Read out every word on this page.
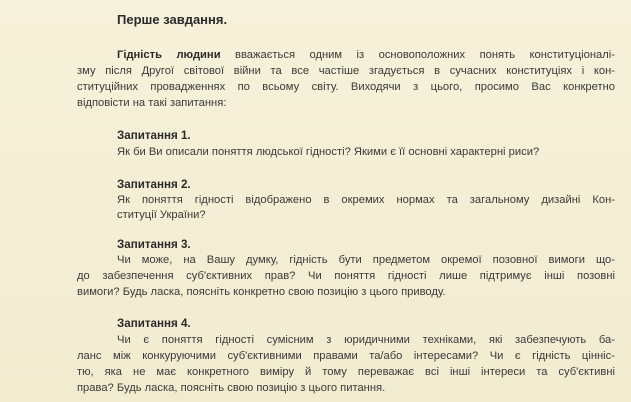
Перше завдання.

Гідність людини вважається одним із основоположних понять конституціоналі-

зму після Другої світової війни та все частіше згадується в сучасних конституціях і кон-

ституційних провадженнях по всьому світу. Виходячи з цього, просимо Вас конкретно

відповісти на такі запитання:

Запитання 1.

Як би Ви описали поняття людської гідності? Якими є її основні характерні риси?

Запитання 2.

Як поняття гідності відображено в окремих нормах та загальному дизайні Кон-

ституції України?

Запитання 3.

Чи може, на Вашу думку, гідність бути предметом окремої позовної вимоги що-

до забезпечення суб'єктивних прав? Чи поняття гідності лише підтримує інші позовні

вимоги? Будь ласка, поясніть конкретно свою позицію з цього приводу.

Запитання 4.

Чи є поняття гідності сумісним з юридичними техніками, які забезпечують ба-

ланс між конкуруючими суб'єктивними правами та/або інтересами? Чи є гідність цінніс-

тю, яка не має конкретного виміру й тому переважає всі інші інтереси та суб'єктивні

права? Будь ласка, поясніть свою позицію з цього питання.
